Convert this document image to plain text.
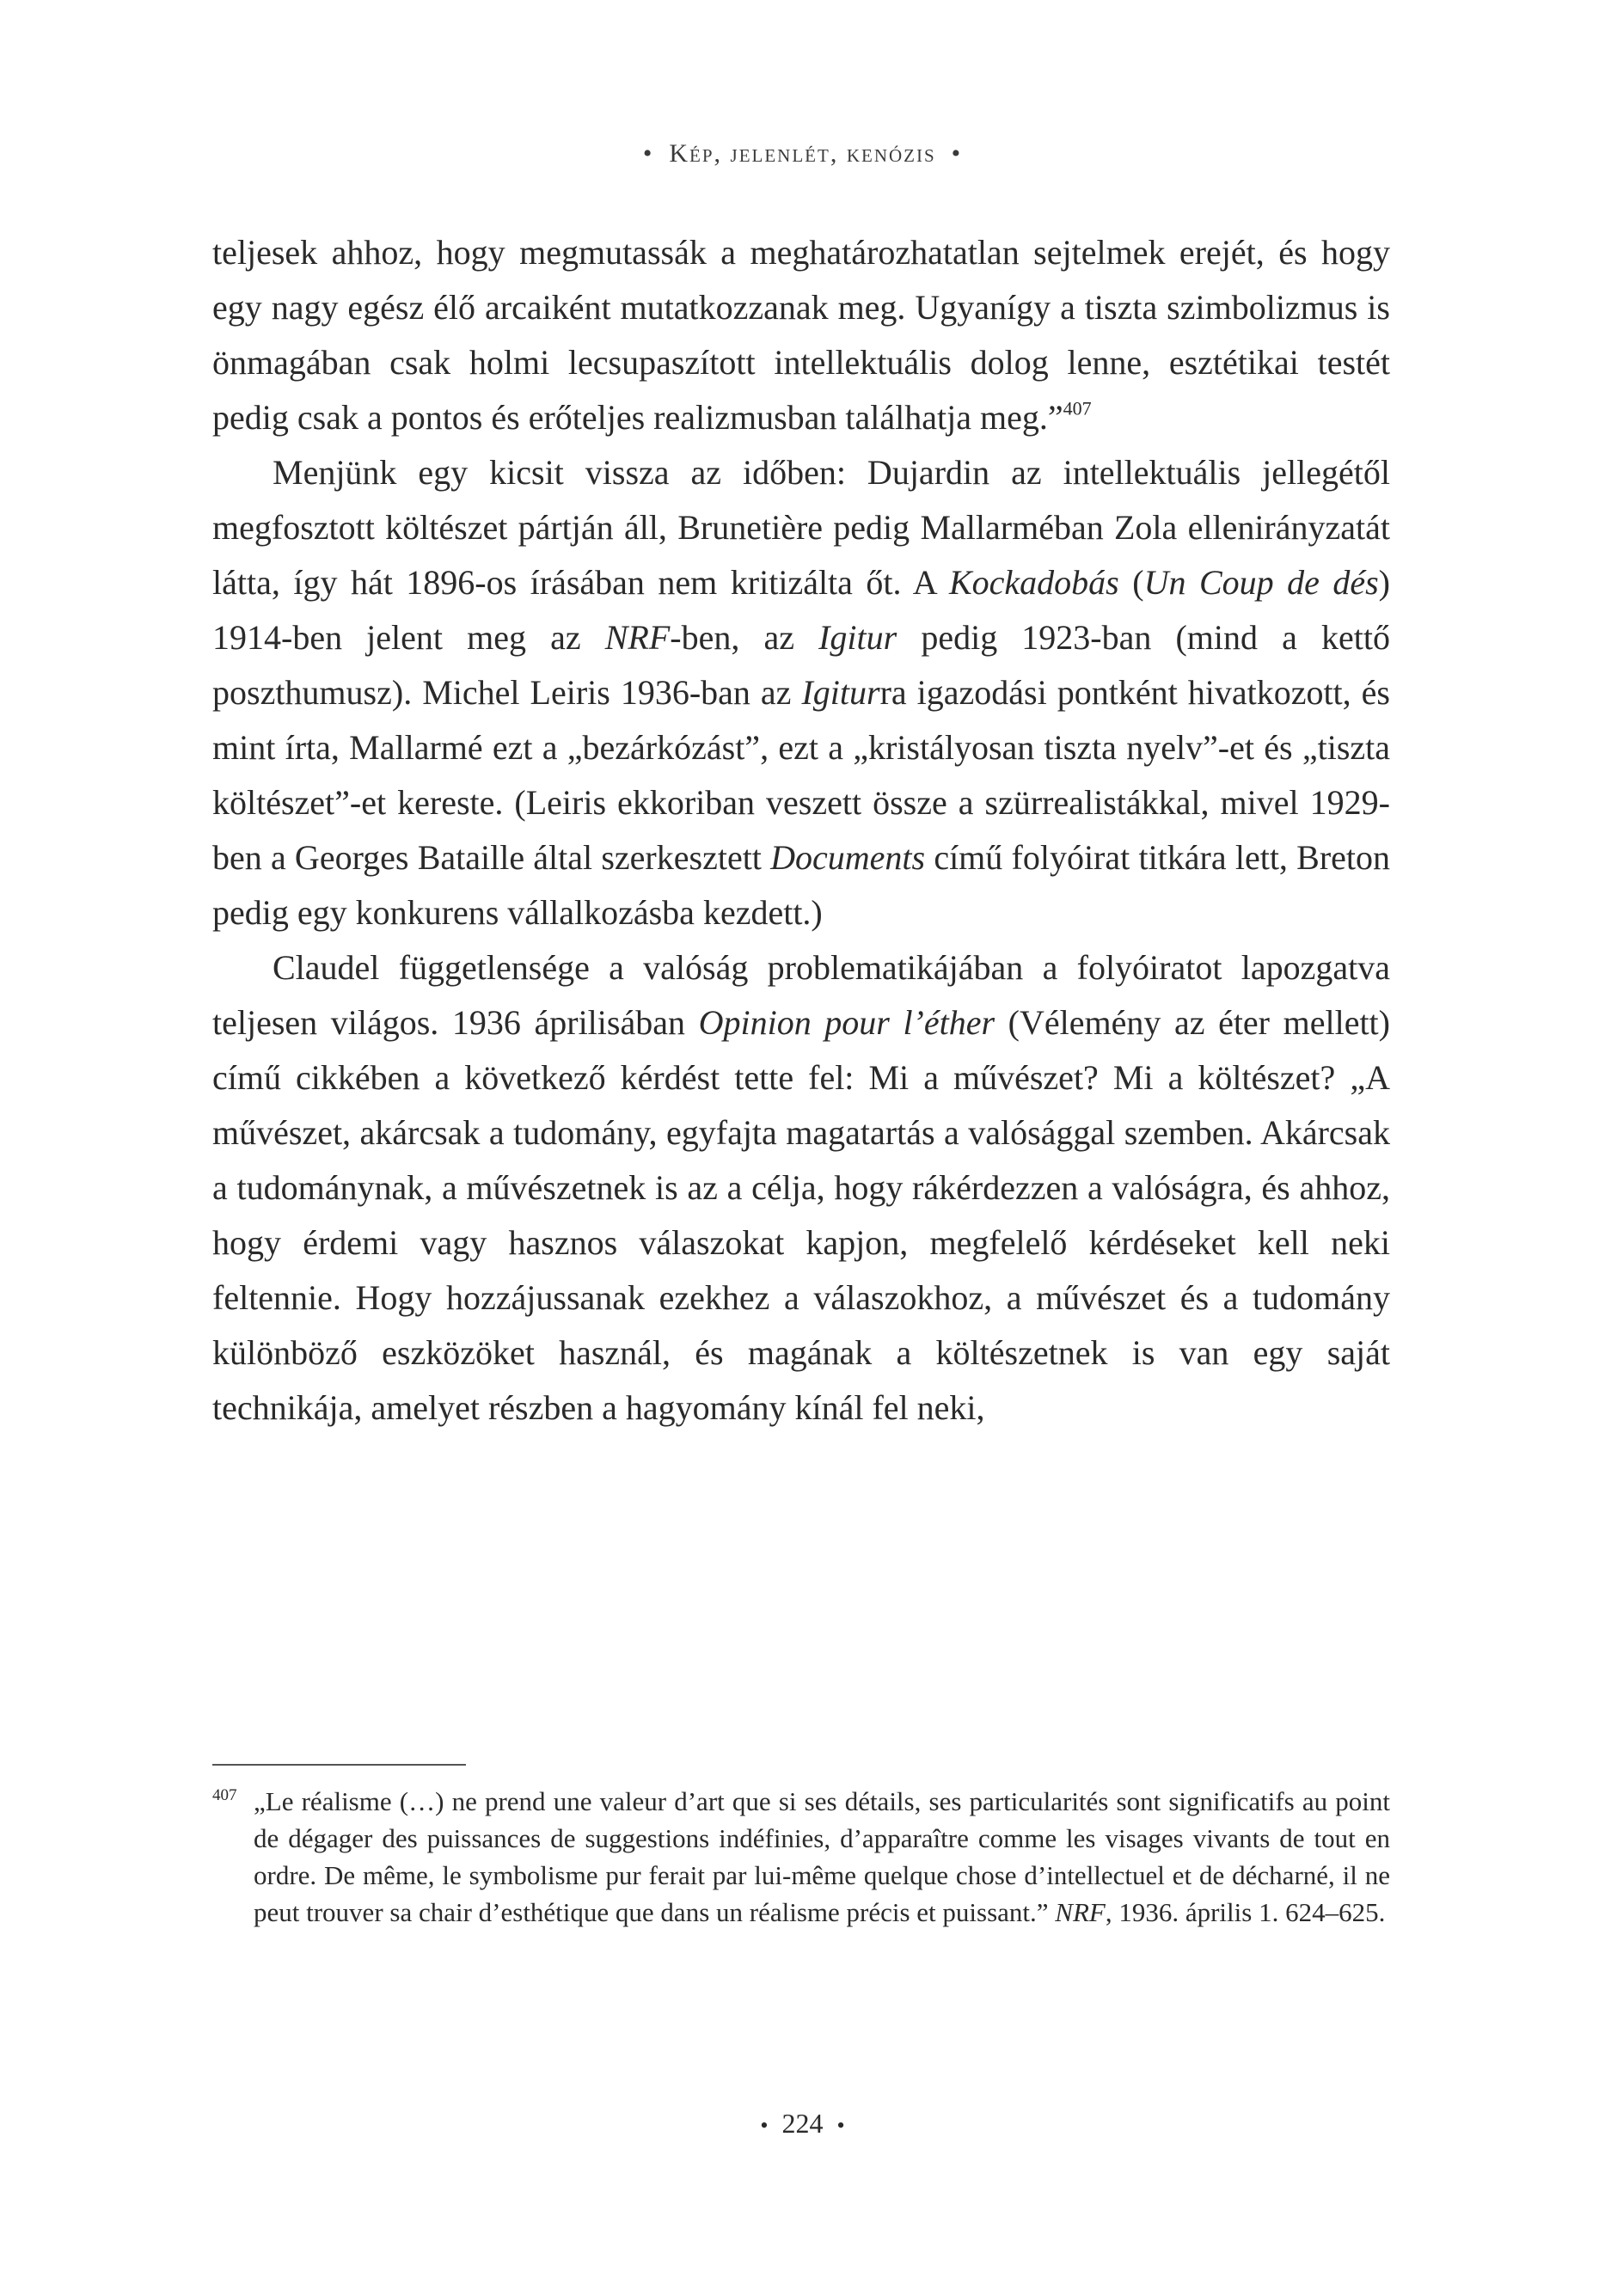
• Kép, jelenlét, kenózis •

teljesek ahhoz, hogy megmutassák a meghatározhatatlan sejtelmek erejét, és hogy egy nagy egész élő arcaiként mutatkozzanak meg. Ugyanígy a tiszta szimbolizmus is önmagában csak holmi lecsupaszított intellektuális dolog lenne, esztétikai testét pedig csak a pontos és erőteljes realizmusban találhatja meg.”$^{407}$

Menjünk egy kicsit vissza az időben: Dujardin az intellektuális jellegétől megfosztott költészet pártján áll, Brunetière pedig Mallarméban Zola ellenirányzatát látta, így hát 1896-os írásában nem kritizálta őt. A Kockadobás (Un Coup de dés) 1914-ben jelent meg az NRF-ben, az Igitur pedig 1923-ban (mind a kettő poszthumusz). Michel Leiris 1936-ban az Igiturra igazodási pontként hivatkozott, és mint írta, Mallarmé ezt a „bezárkózást”, ezt a „kristályosan tiszta nyelv”-et és „tiszta költészet”-et kereste. (Leiris ekkoriban veszett össze a szürrealistákkal, mivel 1929-ben a Georges Bataille által szerkesztett Documents című folyóirat titkára lett, Breton pedig egy konkurens vállalkozásba kezdett.)

Claudel függetlensége a valóság problematikájában a folyóiratot lapozgatva teljesen világos. 1936 áprilisában Opinion pour l’éther (Vélemény az éter mellett) című cikkében a következő kérdést tette fel: Mi a művészet? Mi a költészet? „A művészet, akárcsak a tudomány, egyfajta magatartás a valósággal szemben. Akárcsak a tudománynak, a művészetnek is az a célja, hogy rákérdezzen a valóságra, és ahhoz, hogy érdemi vagy hasznos válaszokat kapjon, megfelelő kérdéseket kell neki feltennie. Hogy hozzájussanak ezekhez a válaszokhoz, a művészet és a tudomány különböző eszközöket használ, és magának a költészetnek is van egy saját technikája, amelyet részben a hagyomány kínál fel neki,

407 „Le réalisme (…) ne prend une valeur d’art que si ses détails, ses particularités sont significatifs au point de dégager des puissances de suggestions indéfinies, d’apparaître comme les visages vivants de tout en ordre. De même, le symbolisme pur ferait par lui-même quelque chose d’intellectuel et de décharné, il ne peut trouver sa chair d’esthétique que dans un réalisme précis et puissant.” NRF, 1936. április 1. 624–625.
• 224 •
